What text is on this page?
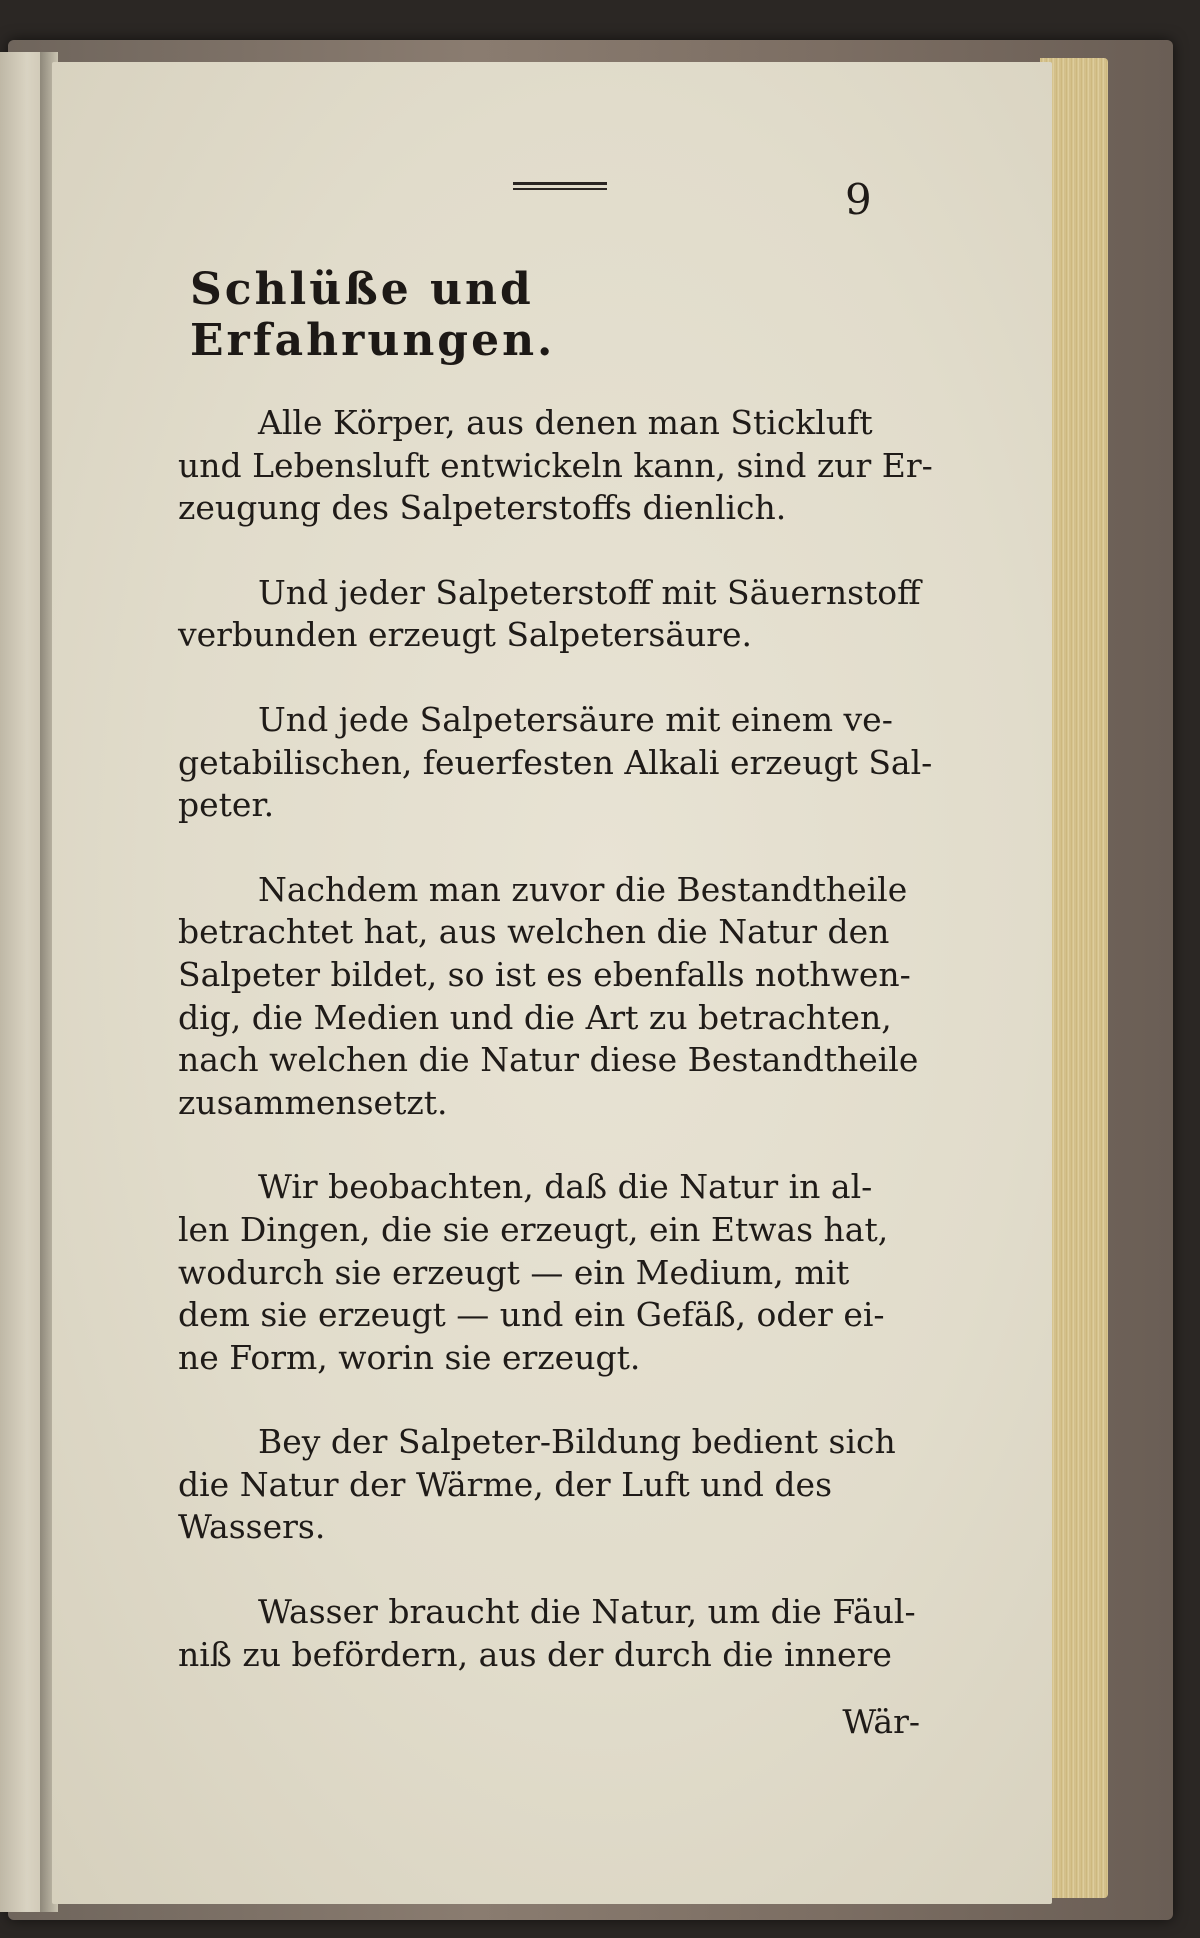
9

Schlüße und Erfahrungen.

Alle Körper, aus denen man Stickluft
und Lebensluft entwickeln kann, sind zur Er-
zeugung des Salpeterstoffs dienlich.

Und jeder Salpeterstoff mit Säuernstoff
verbunden erzeugt Salpetersäure.

Und jede Salpetersäure mit einem ve-
getabilischen, feuerfesten Alkali erzeugt Sal-
peter.

Nachdem man zuvor die Bestandtheile
betrachtet hat, aus welchen die Natur den
Salpeter bildet, so ist es ebenfalls nothwen-
dig, die Medien und die Art zu betrachten,
nach welchen die Natur diese Bestandtheile
zusammensetzt.

Wir beobachten, daß die Natur in al-
len Dingen, die sie erzeugt, ein Etwas hat,
wodurch sie erzeugt — ein Medium, mit
dem sie erzeugt — und ein Gefäß, oder ei-
ne Form, worin sie erzeugt.

Bey der Salpeter-Bildung bedient sich
die Natur der Wärme, der Luft und des
Wassers.

Wasser braucht die Natur, um die Fäul-
niß zu befördern, aus der durch die innere

Wär-
